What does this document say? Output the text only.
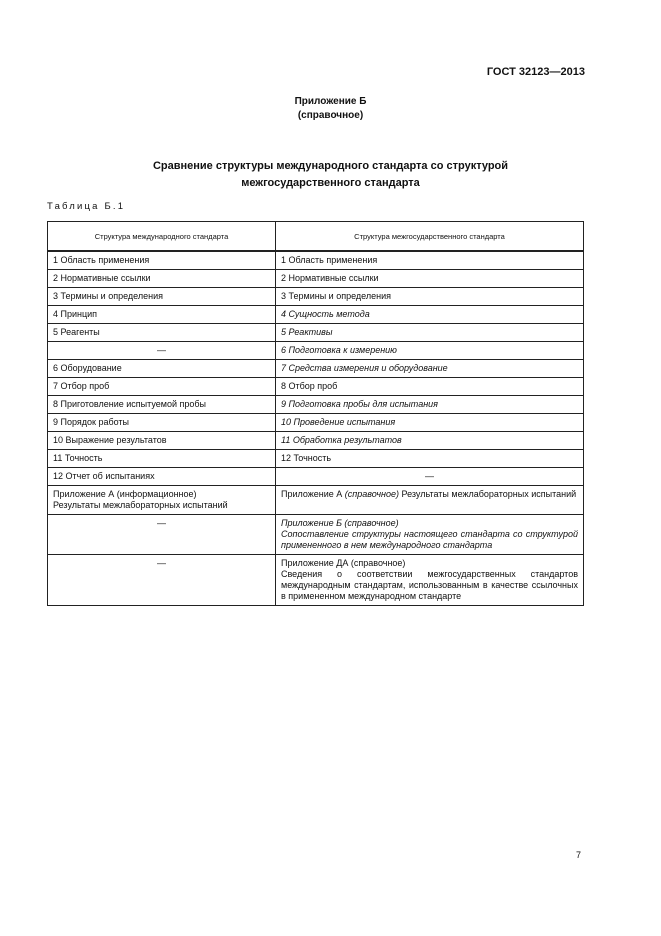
ГОСТ 32123—2013
Приложение Б
(справочное)
Сравнение структуры международного стандарта со структурой
межгосударственного стандарта
Таблица Б.1
Структура международного стандарта	Структура межгосударственного стандарта
1 Область применения	1 Область применения
2 Нормативные ссылки	2 Нормативные ссылки
3 Термины и определения	3 Термины и определения
4 Принцип	4 Сущность метода
5 Реагенты	5 Реактивы
—	6 Подготовка к измерению
6 Оборудование	7 Средства измерения и оборудование
7 Отбор проб	8 Отбор проб
8 Приготовление испытуемой пробы	9 Подготовка пробы для испытания
9 Порядок работы	10 Проведение испытания
10 Выражение результатов	11 Обработка результатов
11 Точность	12 Точность
12 Отчет об испытаниях	—

Приложение А (информационное)
Результаты межлабораторных испытаний	Приложение А (справочное) Результаты межлабораторных испытаний
—	Приложение Б (справочное)
Сопоставление структуры настоящего стандарта со структурой примененного в нем международного стандарта

—	Приложение ДА (справочное)
Сведения о соответствии межгосударственных стандартов международным стандартам, использованным в качестве ссылочных в примененном международном стандарте
7
